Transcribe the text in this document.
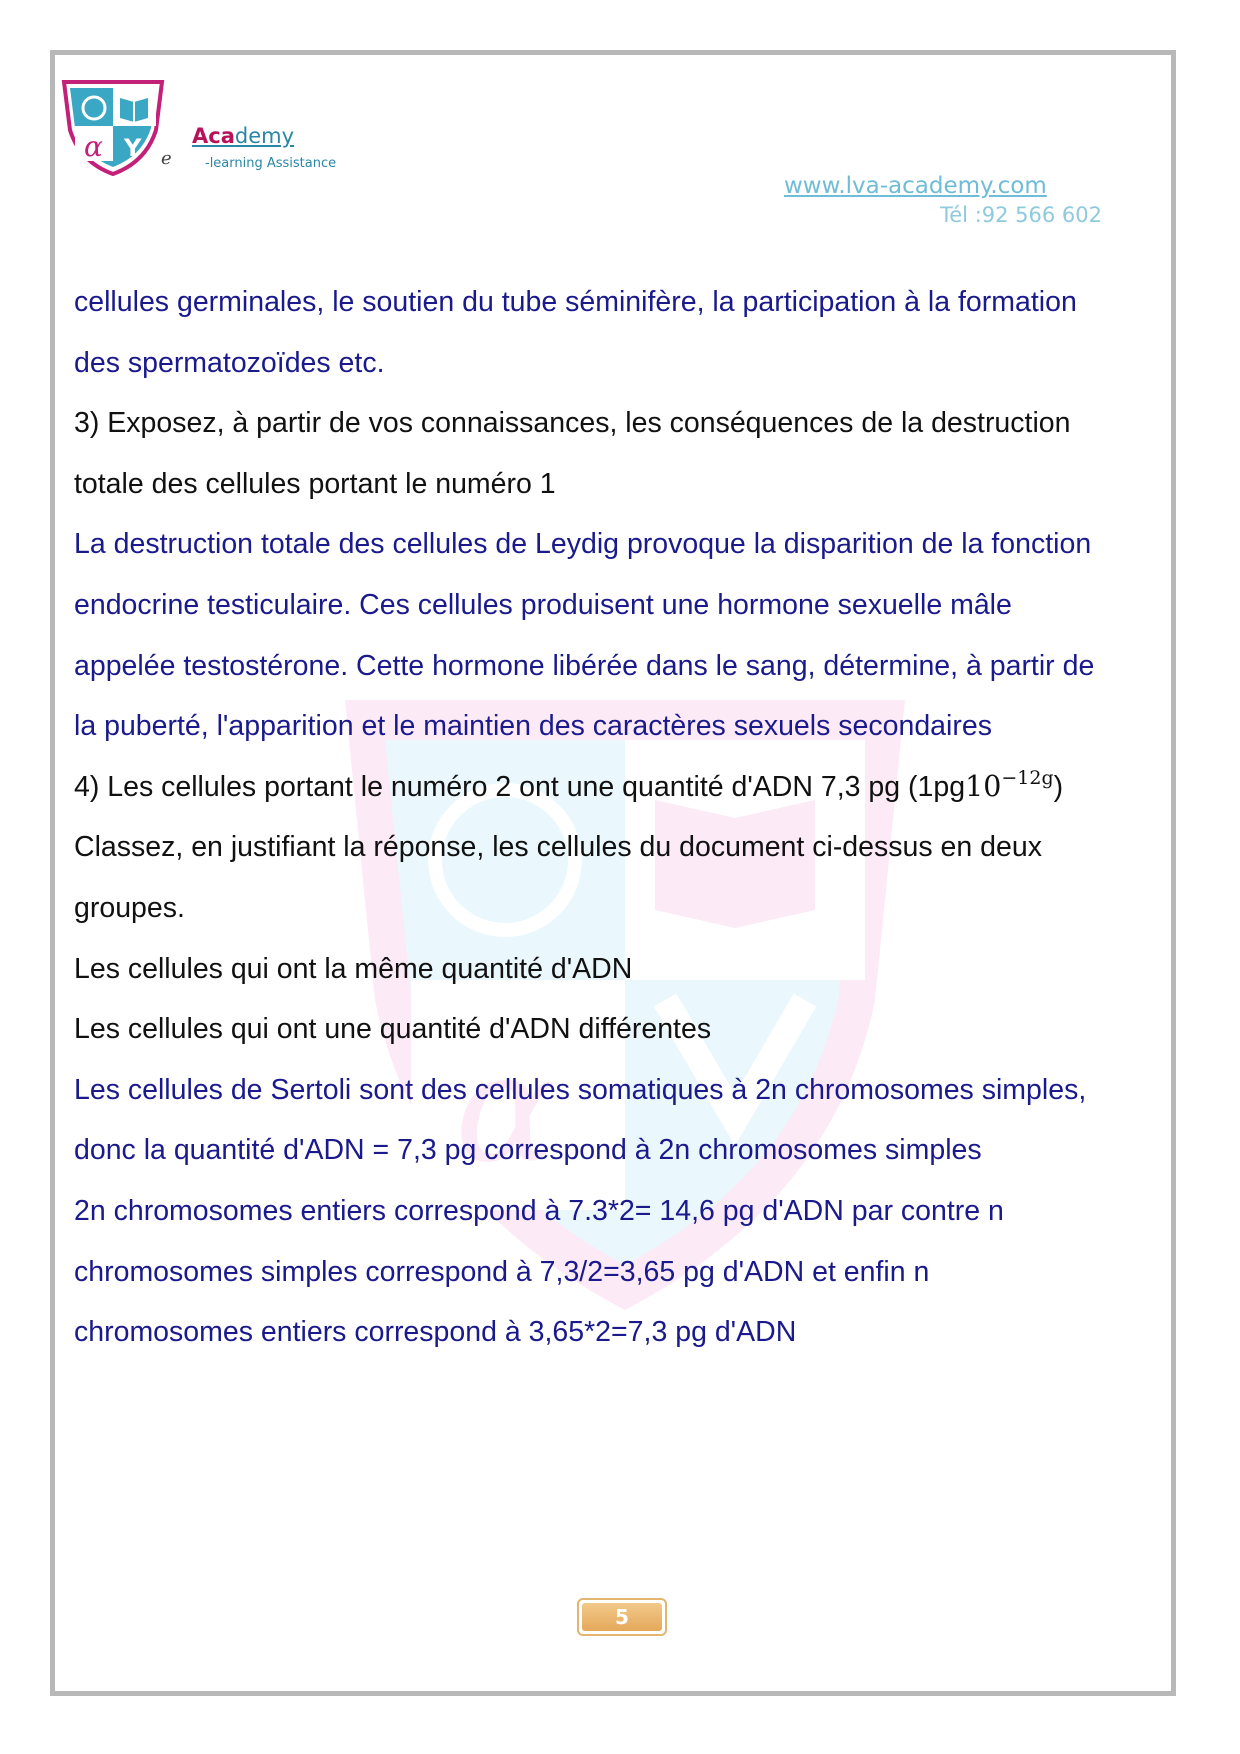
α Y e
Academy
-learning Assistance
www.lva-academy.com
Tél :92 566 602
α
cellules germinales, le soutien du tube séminifère, la participation à la formation
des spermatozoïdes etc.
3) Exposez, à partir de vos connaissances, les conséquences de la destruction
totale des cellules portant le numéro 1
La destruction totale des cellules de Leydig provoque la disparition de la fonction
endocrine testiculaire. Ces cellules produisent une hormone sexuelle mâle
appelée testostérone. Cette hormone libérée dans le sang, détermine, à partir de
la puberté, l'apparition et le maintien des caractères sexuels secondaires
4) Les cellules portant le numéro 2 ont une quantité d'ADN 7,3 pg $(1pg10^{-12g})$
Classez, en justifiant la réponse, les cellules du document ci-dessus en deux
groupes.
Les cellules qui ont la même quantité d'ADN
Les cellules qui ont une quantité d'ADN différentes
Les cellules de Sertoli sont des cellules somatiques à 2n chromosomes simples,
donc la quantité d'ADN = 7,3 pg correspond à 2n chromosomes simples
2n chromosomes entiers correspond à 7.3*2= 14,6 pg d'ADN par contre n
chromosomes simples correspond à 7,3/2=3,65 pg d'ADN et enfin n
chromosomes entiers correspond à 3,65*2=7,3 pg d'ADN
5
